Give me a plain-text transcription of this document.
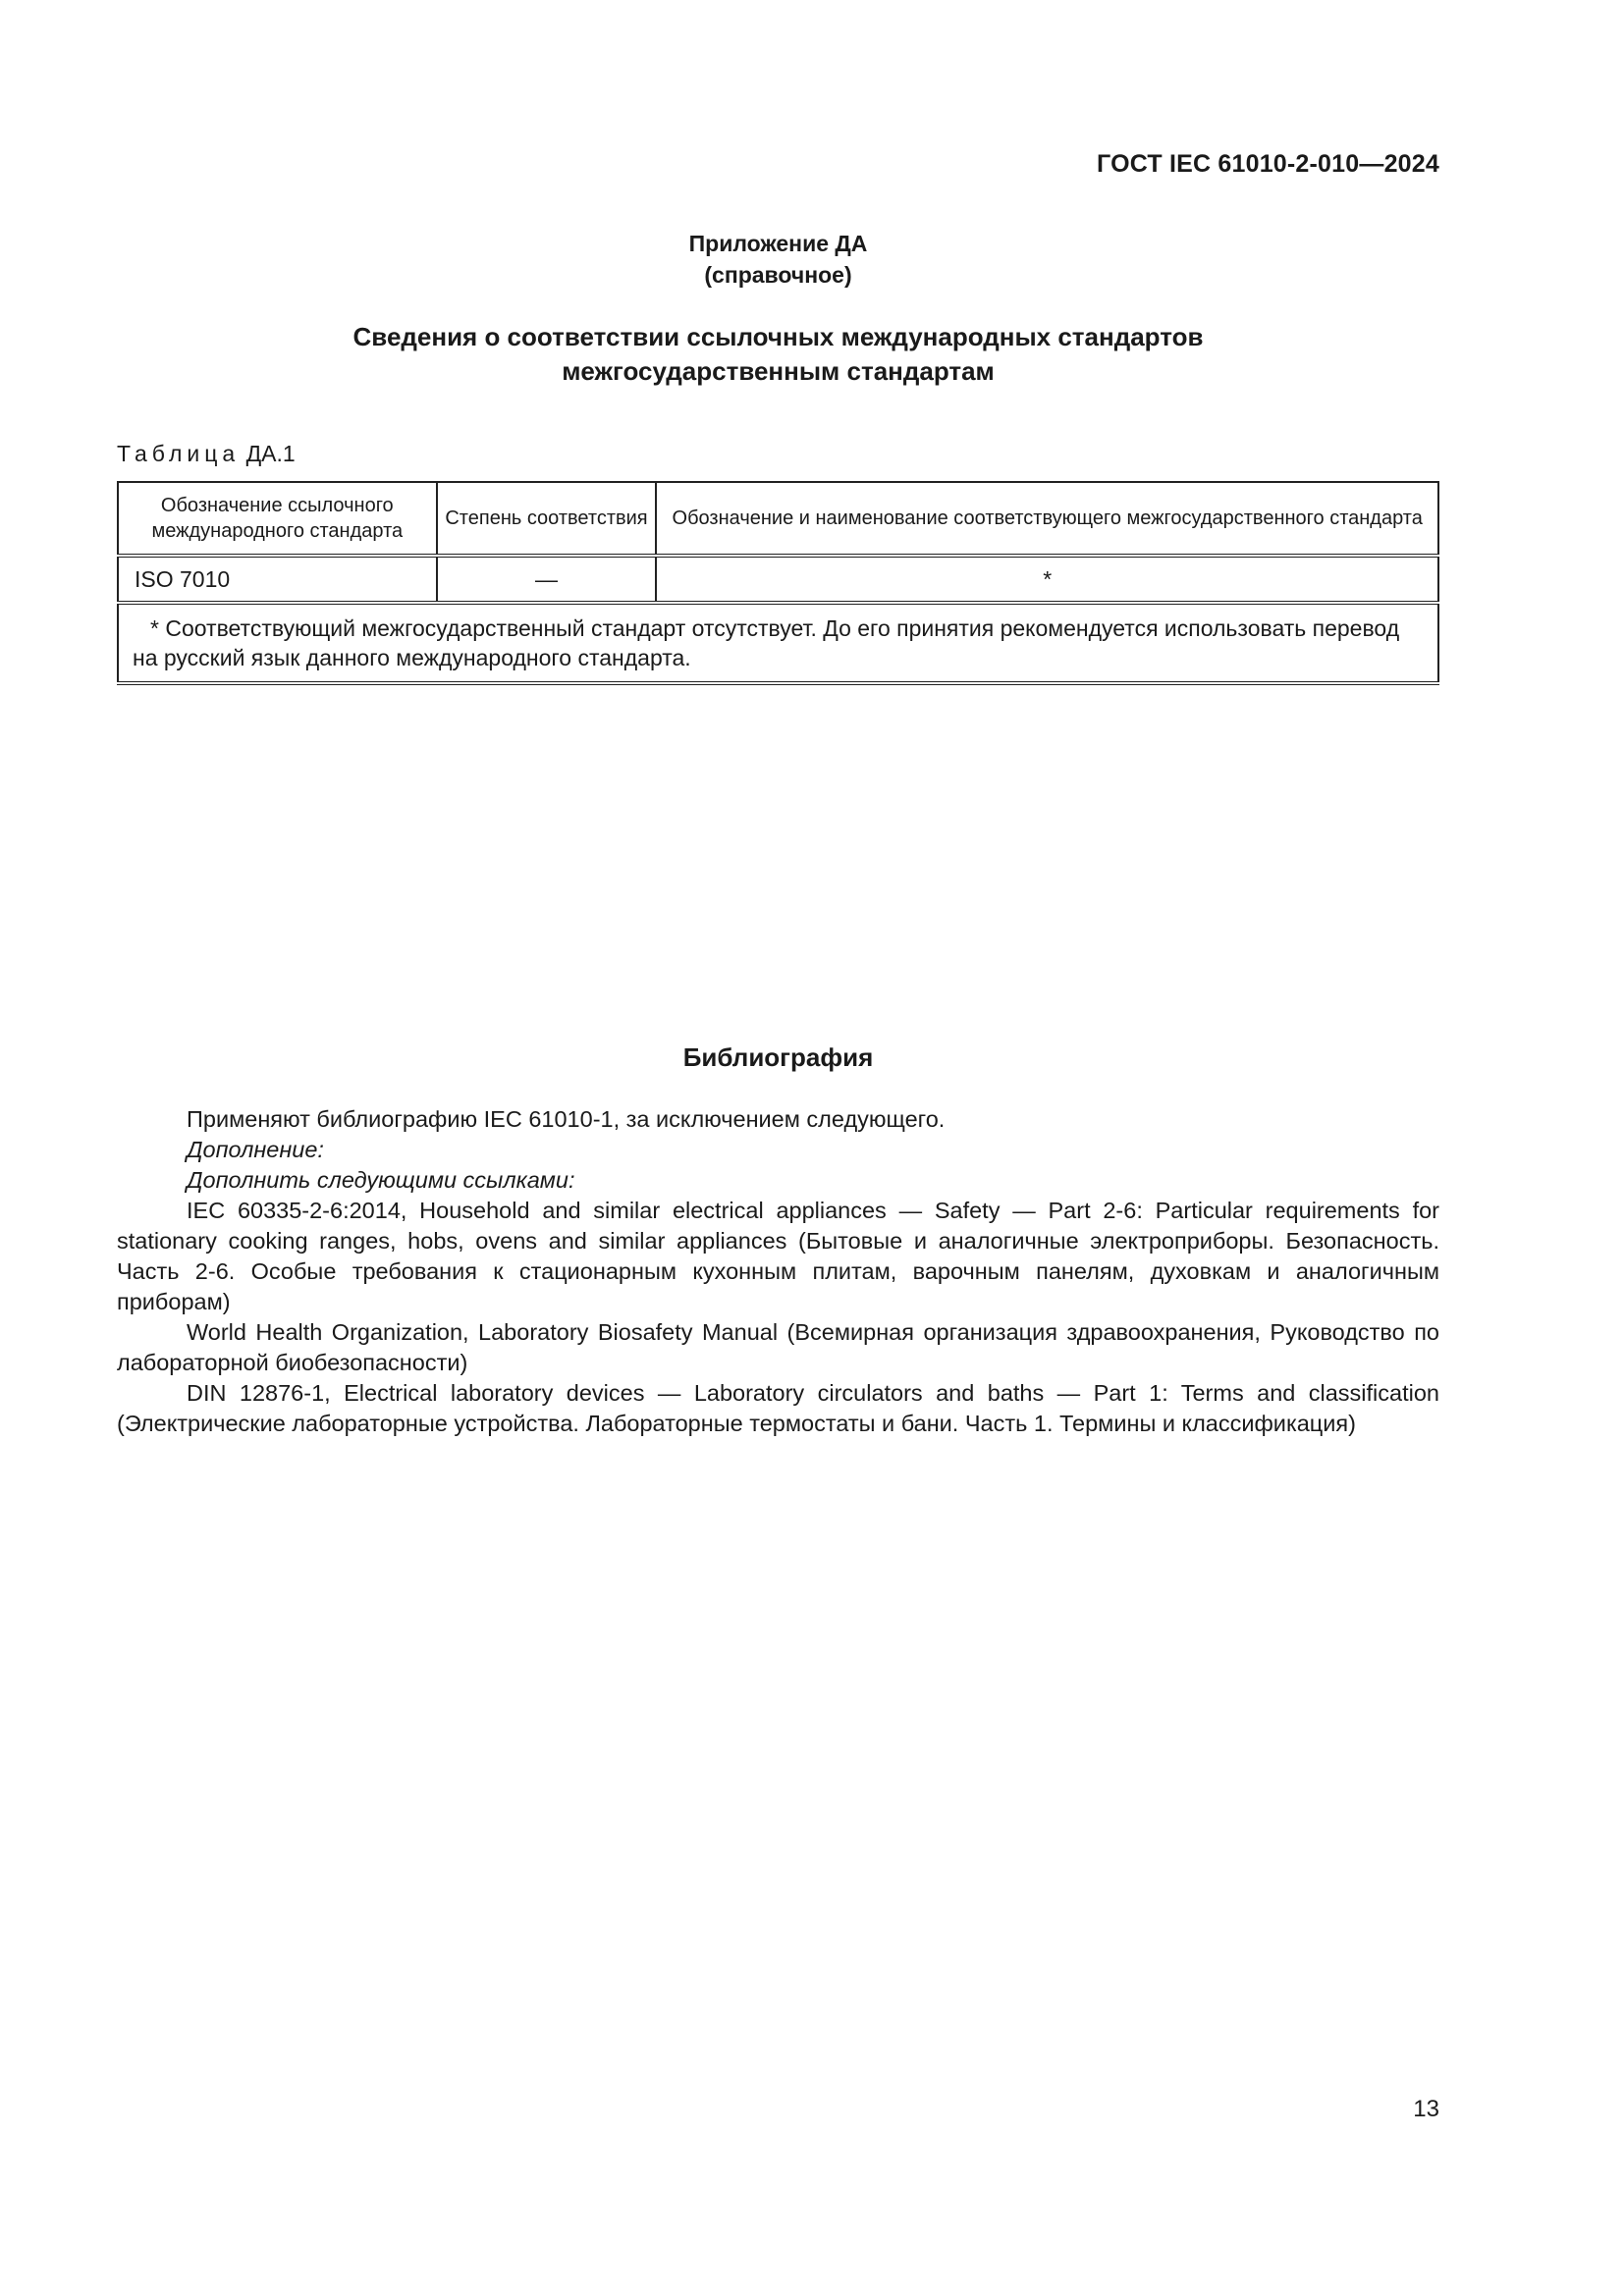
ГОСТ IEC 61010-2-010—2024
Приложение ДА
(справочное)
Сведения о соответствии ссылочных международных стандартов
межгосударственным стандартам
Таблица ДА.1
Обозначение ссылочного международного стандарта	Степень соответствия	Обозначение и наименование соответствующего межгосударственного стандарта
ISO 7010	—	*

* Соответствующий межгосударственный стандарт отсутствует. До его принятия рекомендуется использовать перевод на русский язык данного международного стандарта.		
Библиография

Применяют библиографию IEC 61010-1, за исключением следующего.

Дополнение:

Дополнить следующими ссылками:

IEC 60335-2-6:2014, Household and similar electrical appliances — Safety — Part 2-6: Particular requirements for stationary cooking ranges, hobs, ovens and similar appliances (Бытовые и аналогичные электроприборы. Безопасность. Часть 2-6. Особые требования к стационарным кухонным плитам, варочным панелям, духовкам и аналогичным приборам)

World Health Organization, Laboratory Biosafety Manual (Всемирная организация здравоохранения, Руководство по лабораторной биобезопасности)

DIN 12876-1, Electrical laboratory devices — Laboratory circulators and baths — Part 1: Terms and classification (Электрические лабораторные устройства. Лабораторные термостаты и бани. Часть 1. Термины и классификация)

13
